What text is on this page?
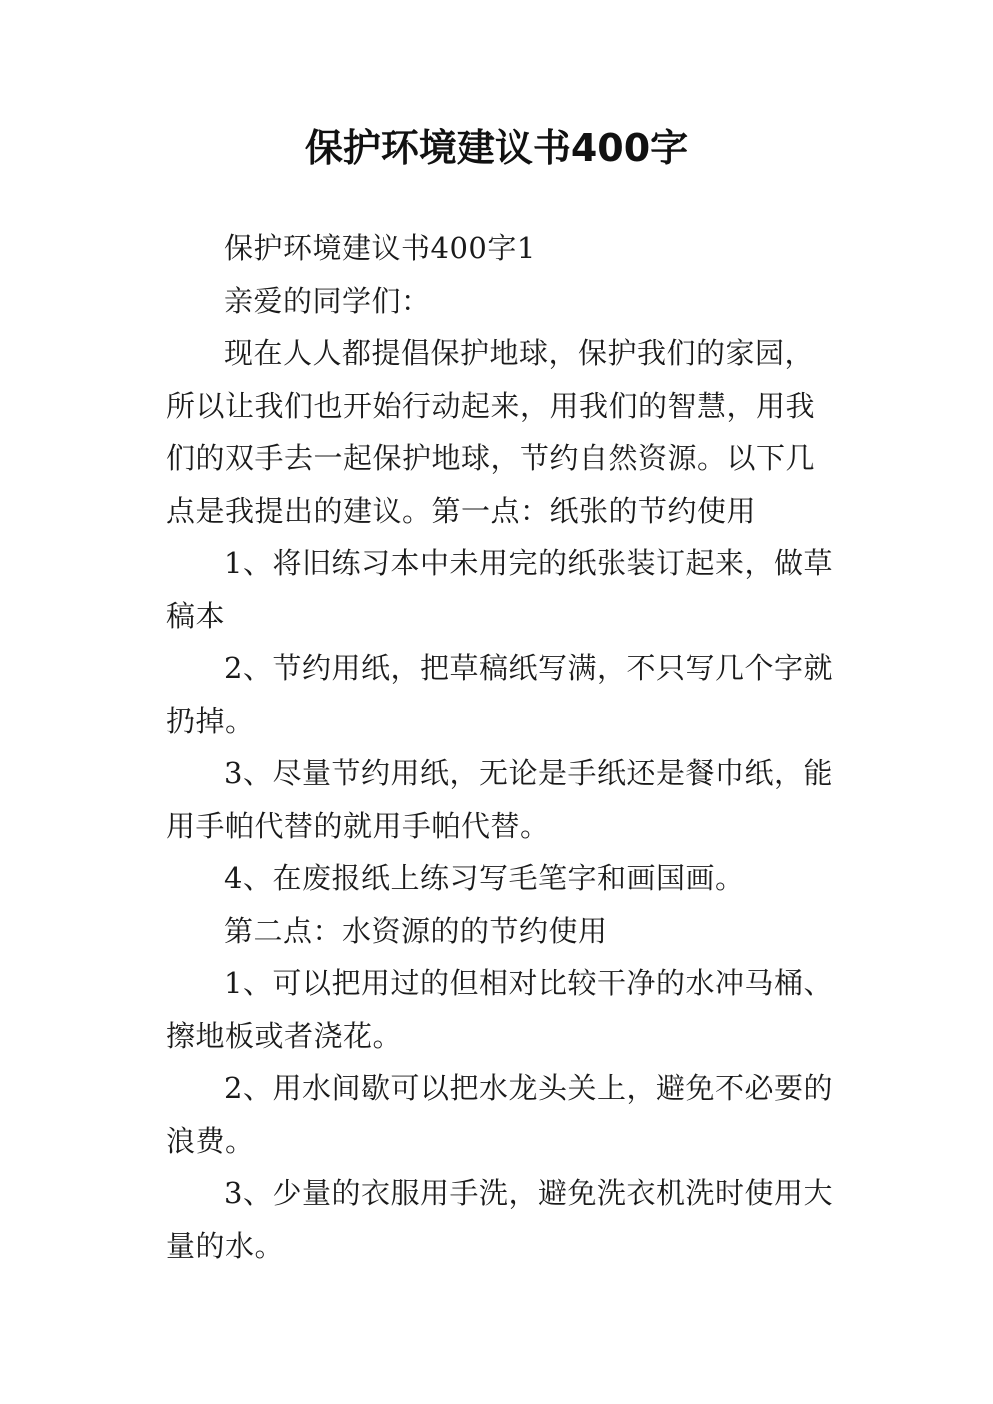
保护环境建议书400字

保护环境建议书400字1

亲爱的同学们：

现在人人都提倡保护地球，保护我们的家园，所以让我们也开始行动起来，用我们的智慧，用我们的双手去一起保护地球，节约自然资源。以下几点是我提出的建议。第一点：纸张的节约使用

1、将旧练习本中未用完的纸张装订起来，做草稿本

2、节约用纸，把草稿纸写满，不只写几个字就扔掉。

3、尽量节约用纸，无论是手纸还是餐巾纸，能用手帕代替的就用手帕代替。

4、在废报纸上练习写毛笔字和画国画。

第二点：水资源的的节约使用

1、可以把用过的但相对比较干净的水冲马桶、擦地板或者浇花。

2、用水间歇可以把水龙头关上，避免不必要的浪费。

3、少量的衣服用手洗，避免洗衣机洗时使用大量的水。
